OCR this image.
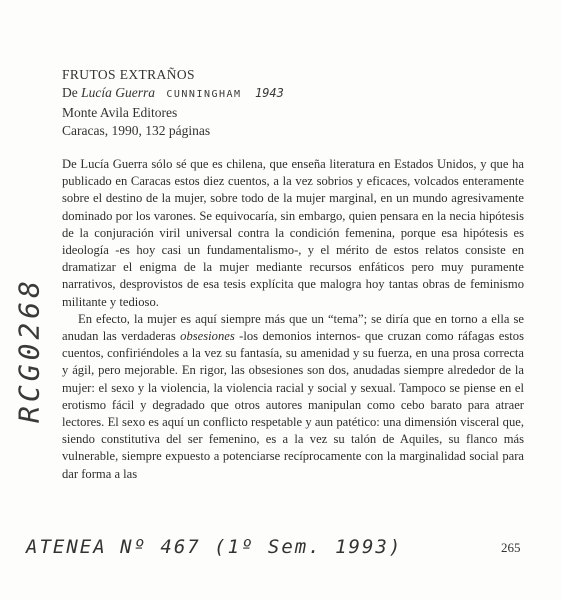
FRUTOS EXTRAÑOS
De Lucía Guerra CUNNINGHAM 1943
Monte Avila Editores
Caracas, 1990, 132 páginas

De Lucía Guerra sólo sé que es chilena, que enseña literatura en Estados Unidos, y que ha publicado en Caracas estos diez cuentos, a la vez sobrios y eficaces, volcados enteramente sobre el destino de la mujer, sobre todo de la mujer marginal, en un mundo agresivamente dominado por los varones. Se equivocaría, sin embargo, quien pensara en la necia hipótesis de la conjuración viril universal contra la condición femenina, porque esa hipótesis es ideología -es hoy casi un fundamentalismo-, y el mérito de estos relatos consiste en dramatizar el enigma de la mujer mediante recursos enfáticos pero muy puramente narrativos, desprovistos de esa tesis explícita que malogra hoy tantas obras de feminismo militante y tedioso.

En efecto, la mujer es aquí siempre más que un “tema”; se diría que en torno a ella se anudan las verdaderas obsesiones -los demonios internos- que cruzan como ráfagas estos cuentos, confiriéndoles a la vez su fantasía, su amenidad y su fuerza, en una prosa correcta y ágil, pero mejorable. En rigor, las obsesiones son dos, anudadas siempre alrededor de la mujer: el sexo y la violencia, la violencia racial y social y sexual. Tampoco se piense en el erotismo fácil y degradado que otros autores manipulan como cebo barato para atraer lectores. El sexo es aquí un conflicto respetable y aun patético: una dimensión visceral que, siendo constitutiva del ser femenino, es a la vez su talón de Aquiles, su flanco más vulnerable, siempre expuesto a potenciarse recíprocamente con la marginalidad social para dar forma a las

RCG0268
ATENEA Nº 467 (1º Sem. 1993)	265
